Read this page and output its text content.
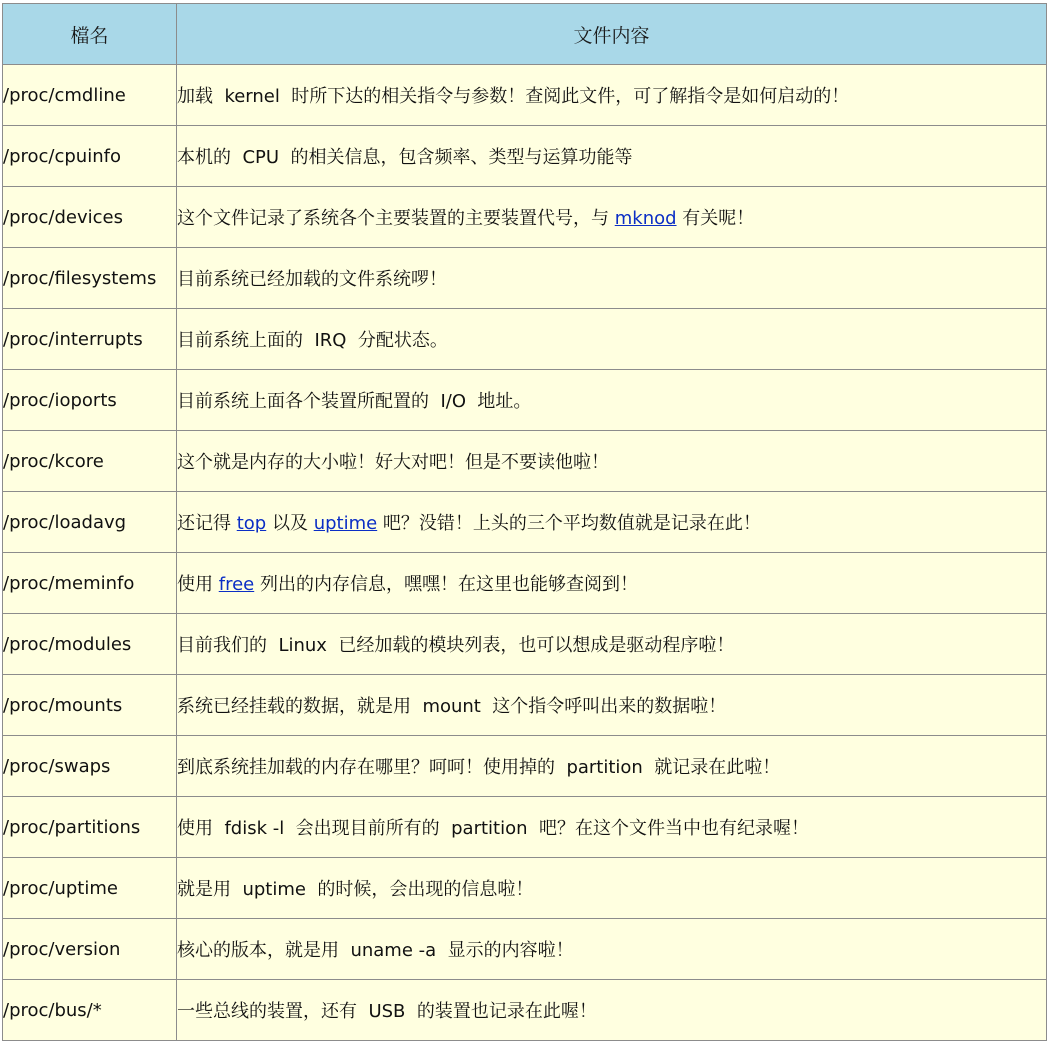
檔名	文件内容
/proc/cmdline	加载  kernel  时所下达的相关指令与参数！查阅此文件，可了解指令是如何启动的！
/proc/cpuinfo	本机的  CPU  的相关信息，包含频率、类型与运算功能等
/proc/devices	这个文件记录了系统各个主要装置的主要装置代号，与 mknod 有关呢！
/proc/filesystems	目前系统已经加载的文件系统啰！
/proc/interrupts	目前系统上面的  IRQ  分配状态。
/proc/ioports	目前系统上面各个装置所配置的  I/O  地址。
/proc/kcore	这个就是内存的大小啦！好大对吧！但是不要读他啦！
/proc/loadavg	还记得 top 以及 uptime 吧？没错！上头的三个平均数值就是记录在此！
/proc/meminfo	使用 free 列出的内存信息，嘿嘿！在这里也能够查阅到！
/proc/modules	目前我们的  Linux  已经加载的模块列表，也可以想成是驱动程序啦！
/proc/mounts	系统已经挂载的数据，就是用  mount  这个指令呼叫出来的数据啦！
/proc/swaps	到底系统挂加载的内存在哪里？呵呵！使用掉的  partition  就记录在此啦！
/proc/partitions	使用  fdisk -l  会出现目前所有的  partition  吧？在这个文件当中也有纪录喔！
/proc/uptime	就是用  uptime  的时候，会出现的信息啦！
/proc/version	核心的版本，就是用  uname -a  显示的内容啦！
/proc/bus/*	一些总线的装置，还有  USB  的装置也记录在此喔！
